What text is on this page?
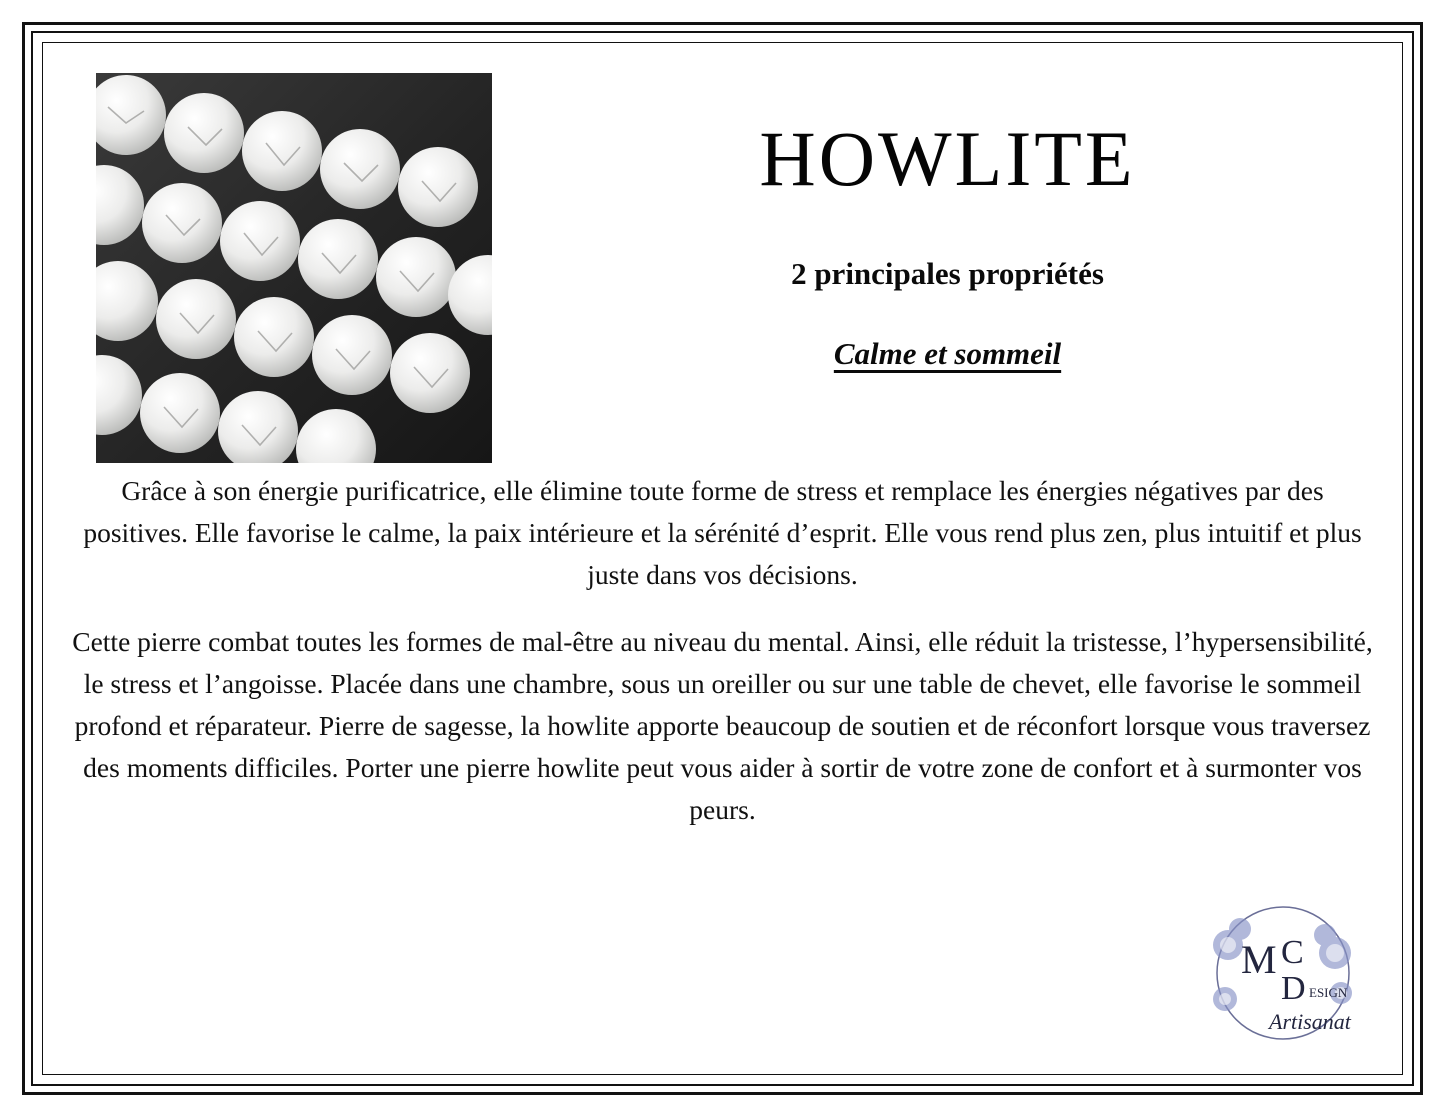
HOWLITE
2 principales propriétés
Calme et sommeil

Grâce à son énergie purificatrice, elle élimine toute forme de stress et remplace les énergies négatives par des positives. Elle favorise le calme, la paix intérieure et la sérénité d’esprit. Elle vous rend plus zen, plus intuitif et plus juste dans vos décisions.

Cette pierre combat toutes les formes de mal-être au niveau du mental. Ainsi, elle réduit la tristesse, l’hypersensibilité, le stress et l’angoisse. Placée dans une chambre, sous un oreiller ou sur une table de chevet, elle favorise le sommeil profond et réparateur. Pierre de sagesse, la howlite apporte beaucoup de soutien et de réconfort lorsque vous traversez des moments difficiles. Porter une pierre howlite peut vous aider à sortir de votre zone de confort et à surmonter vos peurs.

M C
D ESIGN
Artisanat
